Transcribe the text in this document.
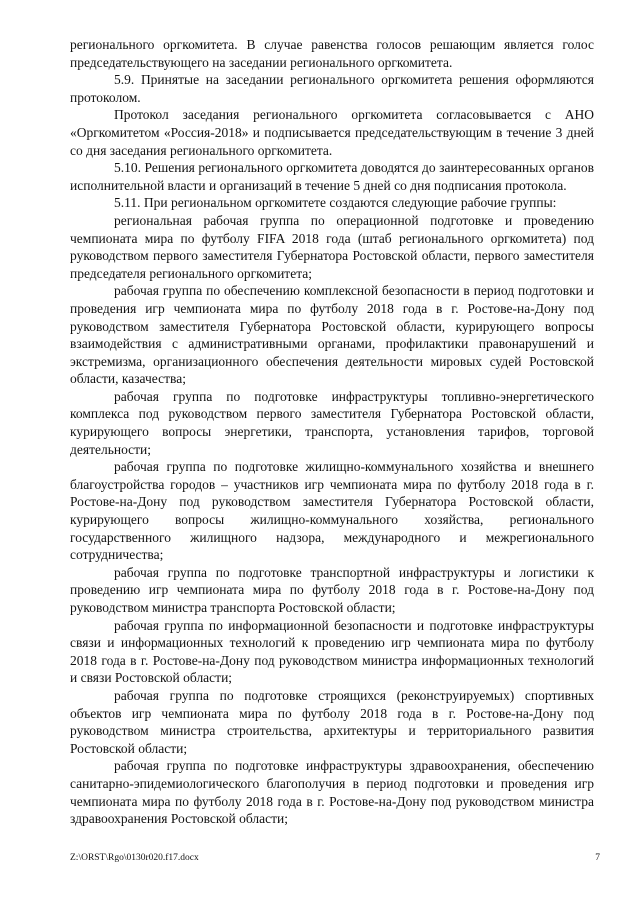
регионального оргкомитета. В случае равенства голосов решающим является голос председательствующего на заседании регионального оргкомитета.

5.9. Принятые на заседании регионального оргкомитета решения оформляются протоколом.

Протокол заседания регионального оргкомитета согласовывается с АНО «Оргкомитетом «Россия-2018» и подписывается председательствующим в течение 3 дней со дня заседания регионального оргкомитета.

5.10. Решения регионального оргкомитета доводятся до заинтересованных органов исполнительной власти и организаций в течение 5 дней со дня подписания протокола.

5.11. При региональном оргкомитете создаются следующие рабочие группы:

региональная рабочая группа по операционной подготовке и проведению чемпионата мира по футболу FIFA 2018 года (штаб регионального оргкомитета) под руководством первого заместителя Губернатора Ростовской области, первого заместителя председателя регионального оргкомитета;

рабочая группа по обеспечению комплексной безопасности в период подготовки и проведения игр чемпионата мира по футболу 2018 года в г. Ростове-на-Дону под руководством заместителя Губернатора Ростовской области, курирующего вопросы взаимодействия с административными органами, профилактики правонарушений и экстремизма, организационного обеспечения деятельности мировых судей Ростовской области, казачества;

рабочая группа по подготовке инфраструктуры топливно-энергетического комплекса под руководством первого заместителя Губернатора Ростовской области, курирующего вопросы энергетики, транспорта, установления тарифов, торговой деятельности;

рабочая группа по подготовке жилищно-коммунального хозяйства и внешнего благоустройства городов – участников игр чемпионата мира по футболу 2018 года в г. Ростове-на-Дону под руководством заместителя Губернатора Ростовской области, курирующего вопросы жилищно-коммунального хозяйства, регионального государственного жилищного надзора, международного и межрегионального сотрудничества;

рабочая группа по подготовке транспортной инфраструктуры и логистики к проведению игр чемпионата мира по футболу 2018 года в г. Ростове-на-Дону под руководством министра транспорта Ростовской области;

рабочая группа по информационной безопасности и подготовке инфраструктуры связи и информационных технологий к проведению игр чемпионата мира по футболу 2018 года в г. Ростове-на-Дону под руководством министра информационных технологий и связи Ростовской области;

рабочая группа по подготовке строящихся (реконструируемых) спортивных объектов игр чемпионата мира по футболу 2018 года в г. Ростове-на-Дону под руководством министра строительства, архитектуры и территориального развития Ростовской области;

рабочая группа по подготовке инфраструктуры здравоохранения, обеспечению санитарно-эпидемиологического благополучия в период подготовки и проведения игр чемпионата мира по футболу 2018 года в г. Ростове-на-Дону под руководством министра здравоохранения Ростовской области;

Z:\ORST\Rgo\0130r020.f17.docx	7
